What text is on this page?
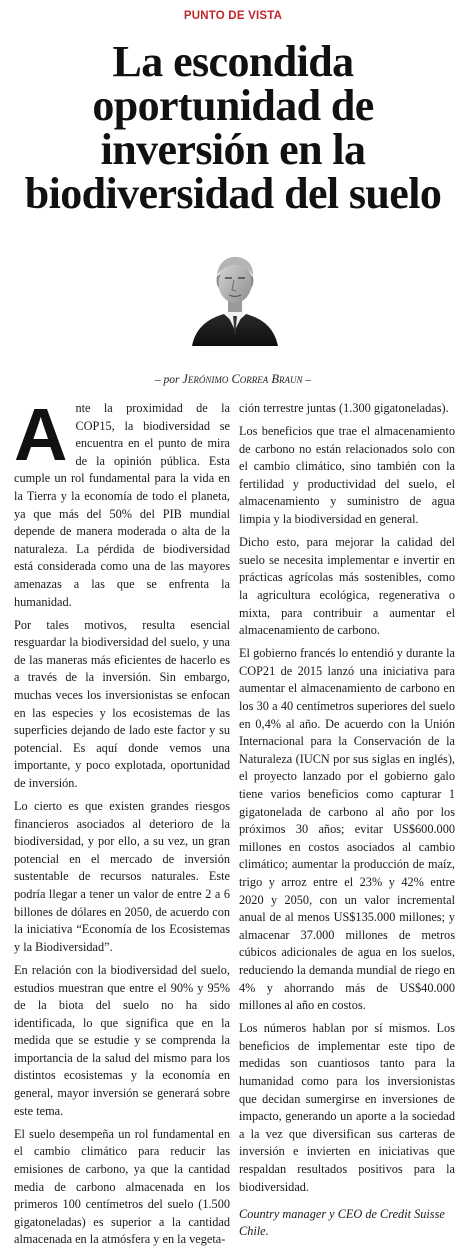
PUNTO DE VISTA
La escondida
oportunidad de
inversión en la
biodiversidad del suelo
– por Jerónimo Correa Braun –

Ante la proximidad de la COP15, la biodiversidad se encuentra en el punto de mira de la opinión pública. Esta cumple un rol fundamental para la vida en la Tierra y la economía de todo el planeta, ya que más del 50% del PIB mundial depende de manera moderada o alta de la naturaleza. La pérdida de biodiversidad está considerada como una de las mayores amenazas a las que se enfrenta la humanidad.

Por tales motivos, resulta esencial resguardar la biodiversidad del suelo, y una de las maneras más eficientes de hacerlo es a través de la inversión. Sin embargo, muchas veces los inversionistas se enfocan en las especies y los ecosistemas de las superficies dejando de lado este factor y su potencial. Es aquí donde vemos una importante, y poco explotada, oportunidad de inversión.

Lo cierto es que existen grandes riesgos financieros asociados al deterioro de la biodiversidad, y por ello, a su vez, un gran potencial en el mercado de inversión sustentable de recursos naturales. Este podría llegar a tener un valor de entre 2 a 6 billones de dólares en 2050, de acuerdo con la iniciativa “Economía de los Ecosistemas y la Biodiversidad”.

En relación con la biodiversidad del suelo, estudios muestran que entre el 90% y 95% de la biota del suelo no ha sido identificada, lo que significa que en la medida que se estudie y se comprenda la importancia de la salud del mismo para los distintos ecosistemas y la economía en general, mayor inversión se generará sobre este tema.

El suelo desempeña un rol fundamental en el cambio climático para reducir las emisiones de carbono, ya que la cantidad media de carbono almacenada en los primeros 100 centímetros del suelo (1.500 gigatoneladas) es superior a la cantidad almacenada en la atmósfera y en la vegeta-

ción terrestre juntas (1.300 gigatoneladas).

Los beneficios que trae el almacenamiento de carbono no están relacionados solo con el cambio climático, sino también con la fertilidad y productividad del suelo, el almacenamiento y suministro de agua limpia y la biodiversidad en general.

Dicho esto, para mejorar la calidad del suelo se necesita implementar e invertir en prácticas agrícolas más sostenibles, como la agricultura ecológica, regenerativa o mixta, para contribuir a aumentar el almacenamiento de carbono.

El gobierno francés lo entendió y durante la COP21 de 2015 lanzó una iniciativa para aumentar el almacenamiento de carbono en los 30 a 40 centímetros superiores del suelo en 0,4% al año. De acuerdo con la Unión Internacional para la Conservación de la Naturaleza (IUCN por sus siglas en inglés), el proyecto lanzado por el gobierno galo tiene varios beneficios como capturar 1 gigatonelada de carbono al año por los próximos 30 años; evitar US$600.000 millones en costos asociados al cambio climático; aumentar la producción de maíz, trigo y arroz entre el 23% y 42% entre 2020 y 2050, con un valor incremental anual de al menos US$135.000 millones; y almacenar 37.000 millones de metros cúbicos adicionales de agua en los suelos, reduciendo la demanda mundial de riego en 4% y ahorrando más de US$40.000 millones al año en costos.

Los números hablan por sí mismos. Los beneficios de implementar este tipo de medidas son cuantiosos tanto para la humanidad como para los inversionistas que decidan sumergirse en inversiones de impacto, generando un aporte a la sociedad a la vez que diversifican sus carteras de inversión e invierten en iniciativas que respaldan resultados positivos para la biodiversidad.

Country manager y CEO de Credit Suisse Chile.
